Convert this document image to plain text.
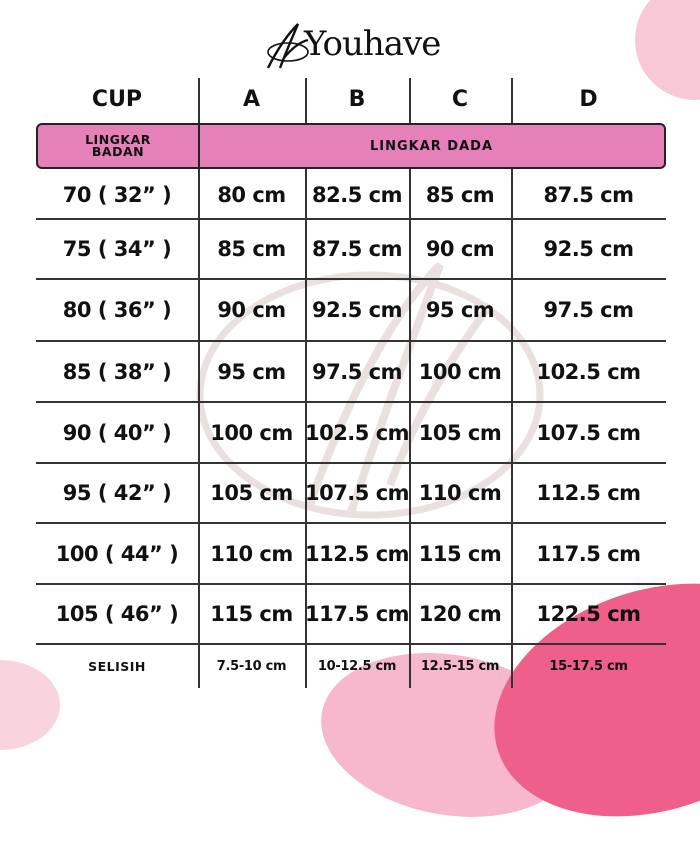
Youhave
CUP	A	B	C	D
70 ( 32” )	80 cm	82.5 cm	85 cm	87.5 cm
75 ( 34” )	85 cm	87.5 cm	90 cm	92.5 cm
80 ( 36” )	90 cm	92.5 cm	95 cm	97.5 cm
85 ( 38” )	95 cm	97.5 cm 100 cm	102.5 cm
90 ( 40” )	100 cm 102.5 cm 105 cm	107.5 cm
95 ( 42” )	105 cm 107.5 cm 110 cm	112.5 cm
100 ( 44” )	110 cm 112.5 cm 115 cm	117.5 cm
105 ( 46” )	115 cm 117.5 cm 120 cm	122.5 cm
SELISIH	7.5-10 cm	10-12.5 cm	12.5-15 cm	15-17.5 cm
LINGKAR
BADAN	LINGKAR DADA
